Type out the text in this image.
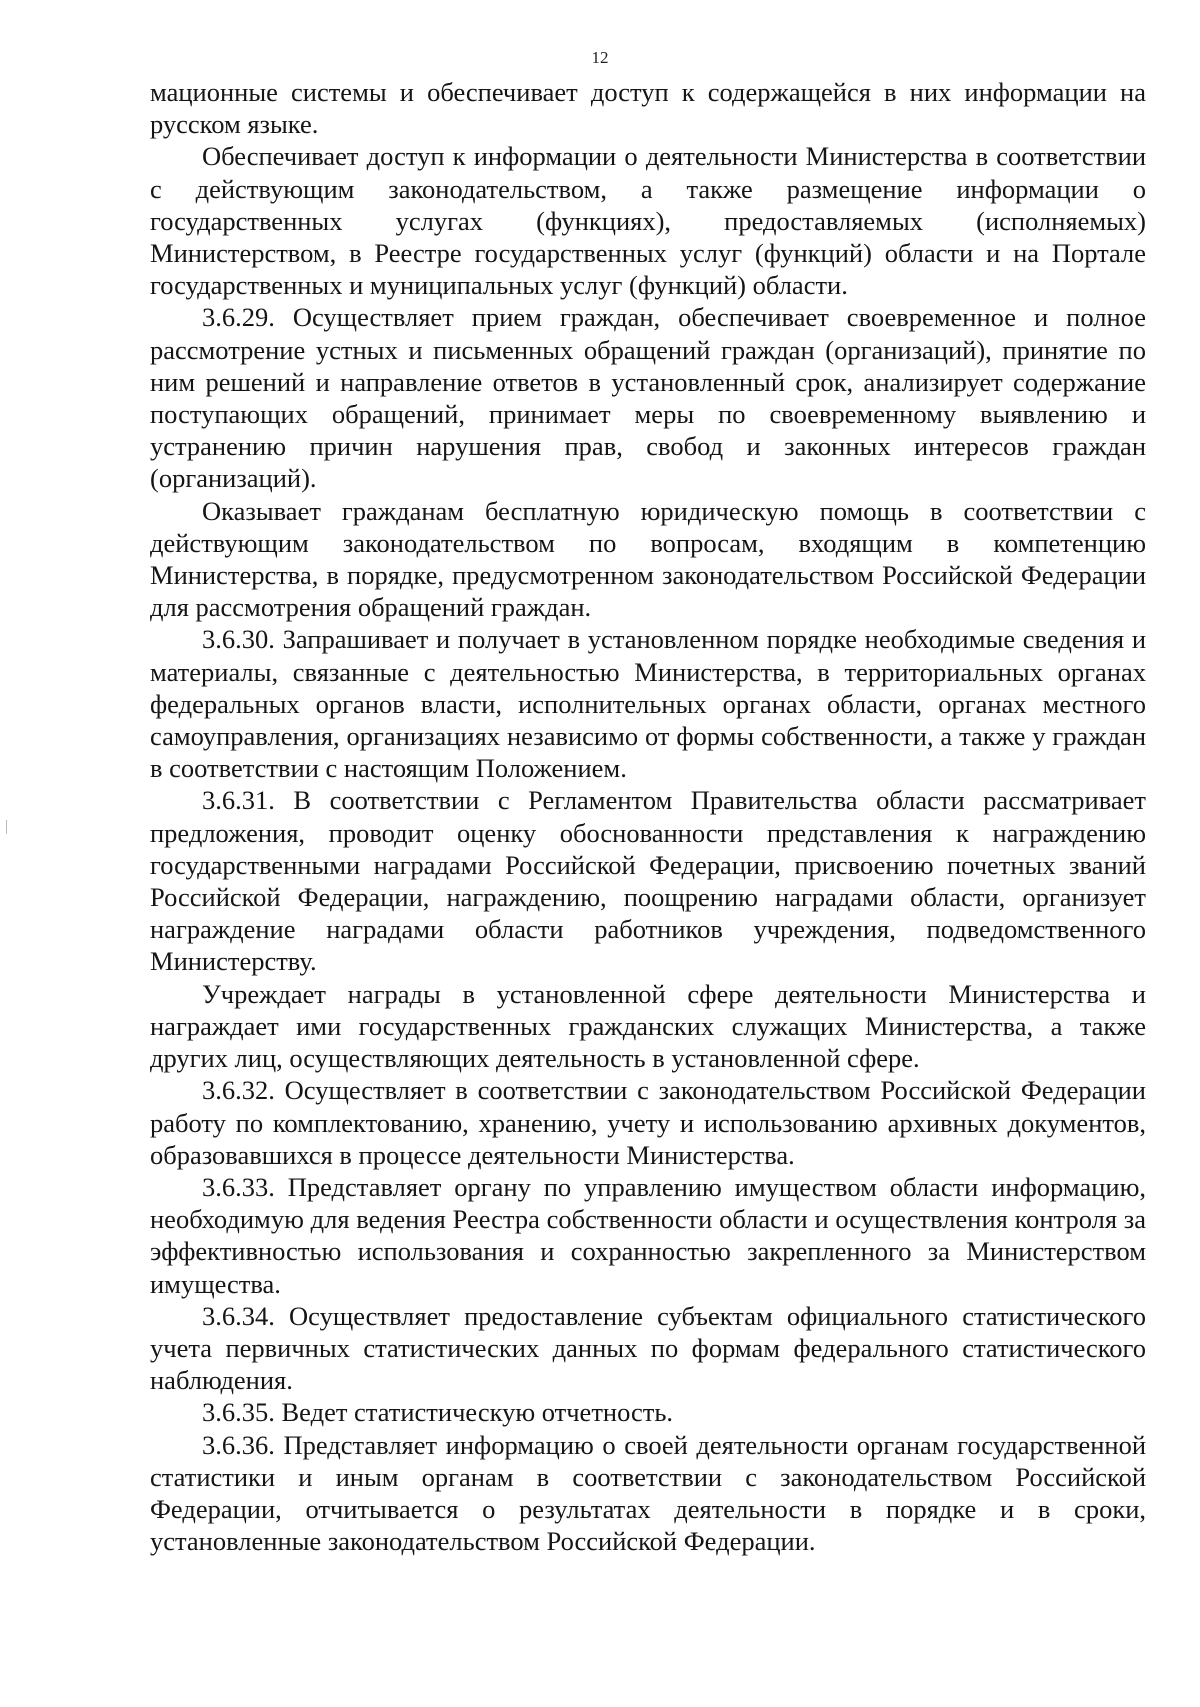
12

мационные системы и обеспечивает доступ к содержащейся в них информации на русском языке.

Обеспечивает доступ к информации о деятельности Министерства в соответствии с действующим законодательством, а также размещение информации о государственных услугах (функциях), предоставляемых (исполняемых) Министерством, в Реестре государственных услуг (функций) области и на Портале государственных и муниципальных услуг (функций) области.

3.6.29. Осуществляет прием граждан, обеспечивает своевременное и полное рассмотрение устных и письменных обращений граждан (организаций), принятие по ним решений и направление ответов в установленный срок, анализирует содержание поступающих обращений, принимает меры по своевременному выявлению и устранению причин нарушения прав, свобод и законных интересов граждан (организаций).

Оказывает гражданам бесплатную юридическую помощь в соответствии с действующим законодательством по вопросам, входящим в компетенцию Министерства, в порядке, предусмотренном законодательством Российской Федерации для рассмотрения обращений граждан.

3.6.30. Запрашивает и получает в установленном порядке необходимые сведения и материалы, связанные с деятельностью Министерства, в территориальных органах федеральных органов власти, исполнительных органах области, органах местного самоуправления, организациях независимо от формы собственности, а также у граждан в соответствии с настоящим Положением.

3.6.31. В соответствии с Регламентом Правительства области рассматривает предложения, проводит оценку обоснованности представления к награждению государственными наградами Российской Федерации, присвоению почетных званий Российской Федерации, награждению, поощрению наградами области, организует награждение наградами области работников учреждения, подведомственного Министерству.

Учреждает награды в установленной сфере деятельности Министерства и награждает ими государственных гражданских служащих Министерства, а также других лиц, осуществляющих деятельность в установленной сфере.

3.6.32. Осуществляет в соответствии с законодательством Российской Федерации работу по комплектованию, хранению, учету и использованию архивных документов, образовавшихся в процессе деятельности Министерства.

3.6.33. Представляет органу по управлению имуществом области информацию, необходимую для ведения Реестра собственности области и осуществления контроля за эффективностью использования и сохранностью закрепленного за Министерством имущества.

3.6.34. Осуществляет предоставление субъектам официального статистического учета первичных статистических данных по формам федерального статистического наблюдения.

3.6.35. Ведет статистическую отчетность.

3.6.36. Представляет информацию о своей деятельности органам государственной статистики и иным органам в соответствии с законодательством Российской Федерации, отчитывается о результатах деятельности в порядке и в сроки, установленные законодательством Российской Федерации.
